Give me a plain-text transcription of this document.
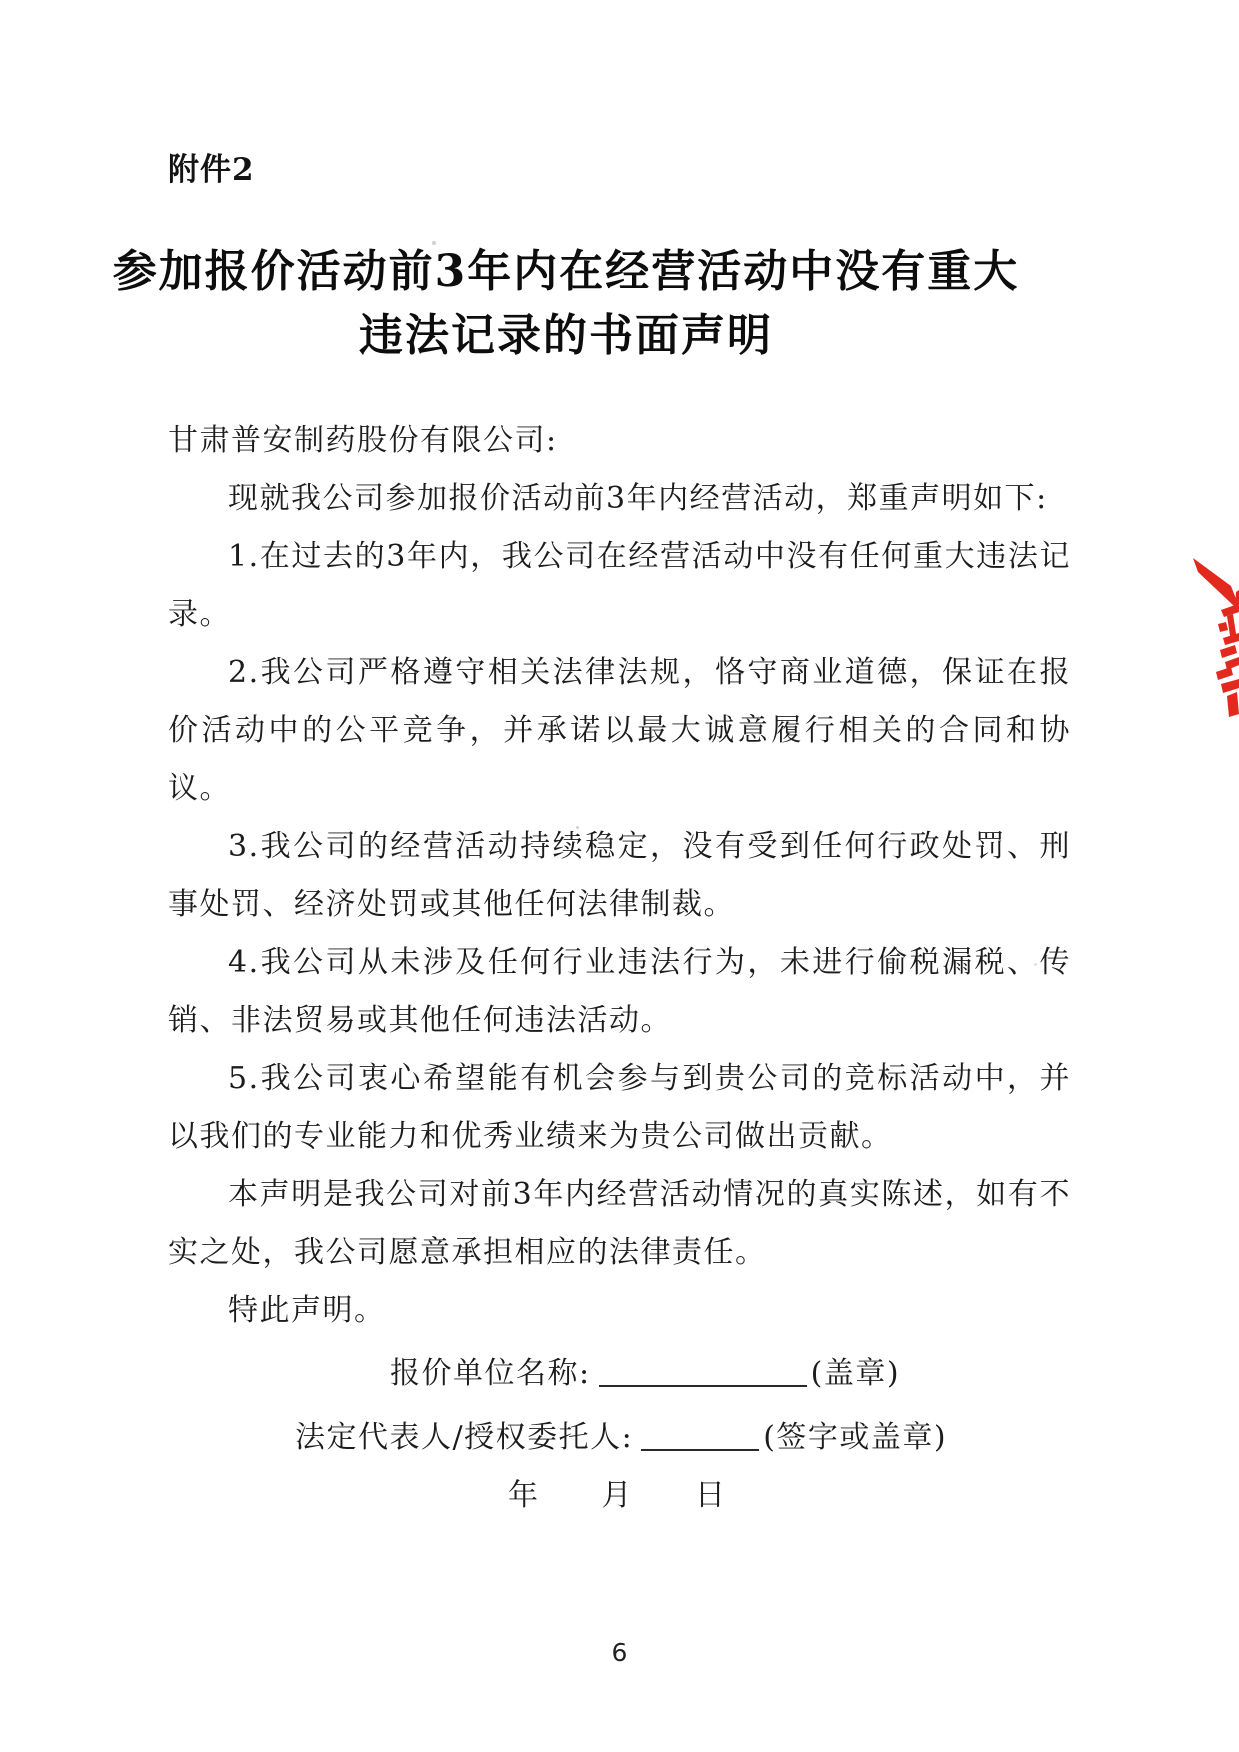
附件2
参加报价活动前3年内在经营活动中没有重大
违法记录的书面声明

甘肃普安制药股份有限公司:

现就我公司参加报价活动前3年内经营活动，郑重声明如下:

1.在过去的3年内，我公司在经营活动中没有任何重大违法记录。

2.我公司严格遵守相关法律法规，恪守商业道德，保证在报价活动中的公平竞争，并承诺以最大诚意履行相关的合同和协议。

3.我公司的经营活动持续稳定，没有受到任何行政处罚、刑事处罚、经济处罚或其他任何法律制裁。

4.我公司从未涉及任何行业违法行为，未进行偷税漏税、传销、非法贸易或其他任何违法活动。

5.我公司衷心希望能有机会参与到贵公司的竞标活动中，并以我们的专业能力和优秀业绩来为贵公司做出贡献。

本声明是我公司对前3年内经营活动情况的真实陈述，如有不实之处，我公司愿意承担相应的法律责任。

特此声明。

报价单位名称:	(盖章)
法定代表人/授权委托人:	(签字或盖章)
年 月 日
6
